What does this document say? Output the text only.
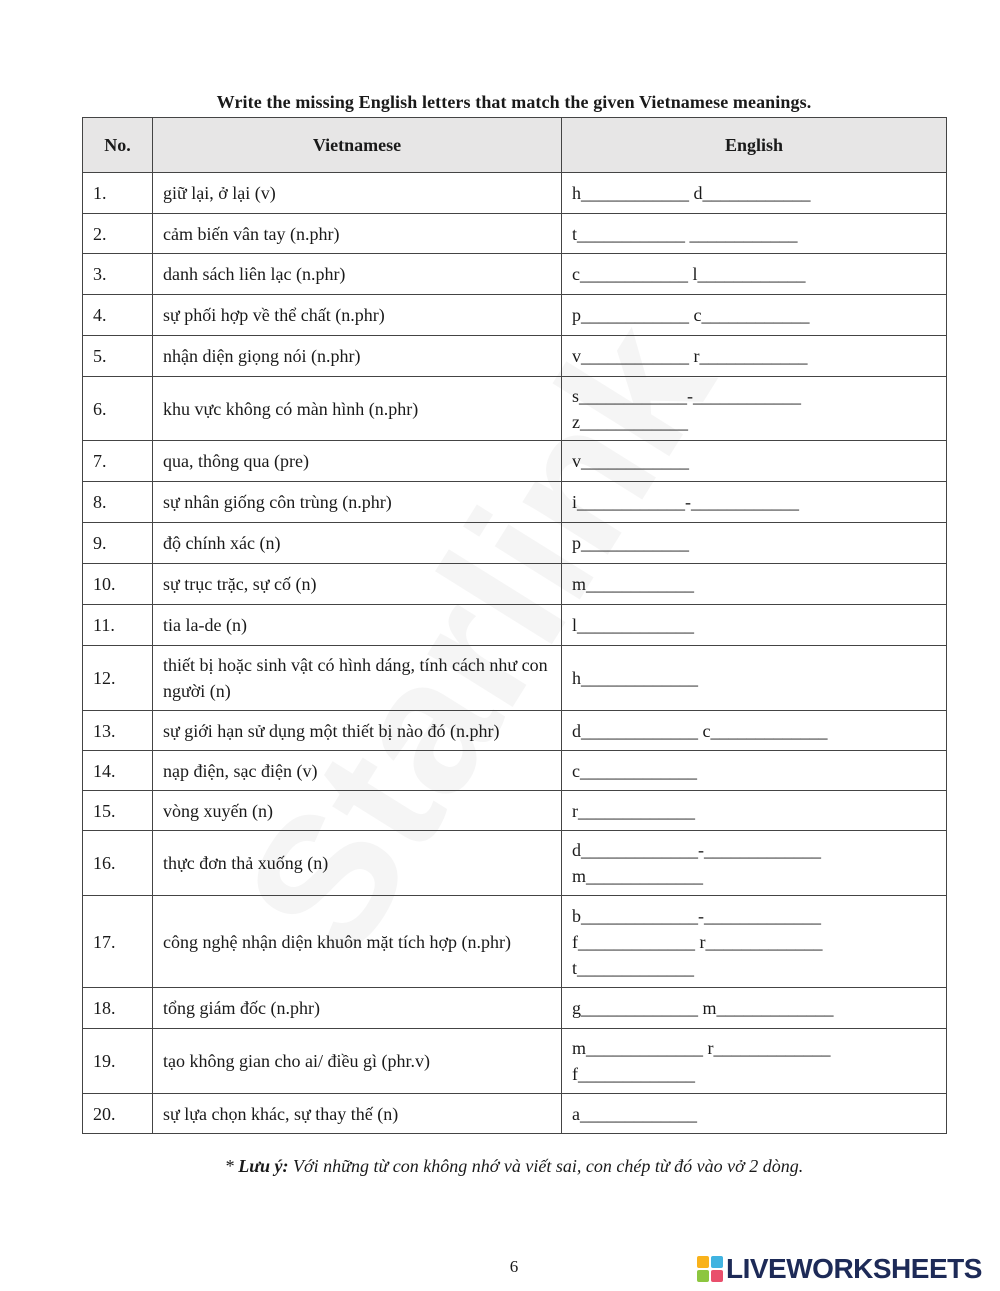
Write the missing English letters that match the given Vietnamese meanings.
No.	Vietnamese	English
1.	giữ lại, ở lại (v)	h____________ d____________

2.	cảm biến vân tay (n.phr)	t____________ ____________

3.	danh sách liên lạc (n.phr)	c____________ l____________

4.	sự phối hợp về thể chất (n.phr)	p____________ c____________

5.	nhận diện giọng nói (n.phr)	v____________ r____________

6.	khu vực không có màn hình (n.phr)	s____________-____________
z____________

7.	qua, thông qua (pre)	v____________

8.	sự nhân giống côn trùng (n.phr)	i____________-____________

9.	độ chính xác (n)	p____________

10.	sự trục trặc, sự cố (n)	m____________

11.	tia la-de (n)	l_____________

12.	thiết bị hoặc sinh vật có hình dáng, tính cách như con người (n)	h_____________

13.	sự giới hạn sử dụng một thiết bị nào đó (n.phr)	d_____________ c_____________

14.	nạp điện, sạc điện (v)	c_____________

15.	vòng xuyến (n)	r_____________

16.	thực đơn thả xuống (n)	d_____________-_____________
m_____________

17.	công nghệ nhận diện khuôn mặt tích hợp (n.phr)	b_____________-_____________
f_____________ r_____________
t_____________

18.	tổng giám đốc (n.phr)	g_____________ m_____________

19.	tạo không gian cho ai/ điều gì (phr.v)	m_____________ r_____________
f_____________

20.	sự lựa chọn khác, sự thay thế (n)	a_____________
* Lưu ý: Với những từ con không nhớ và viết sai, con chép từ đó vào vở 2 dòng.
6	LIVEWORKSHEETS
